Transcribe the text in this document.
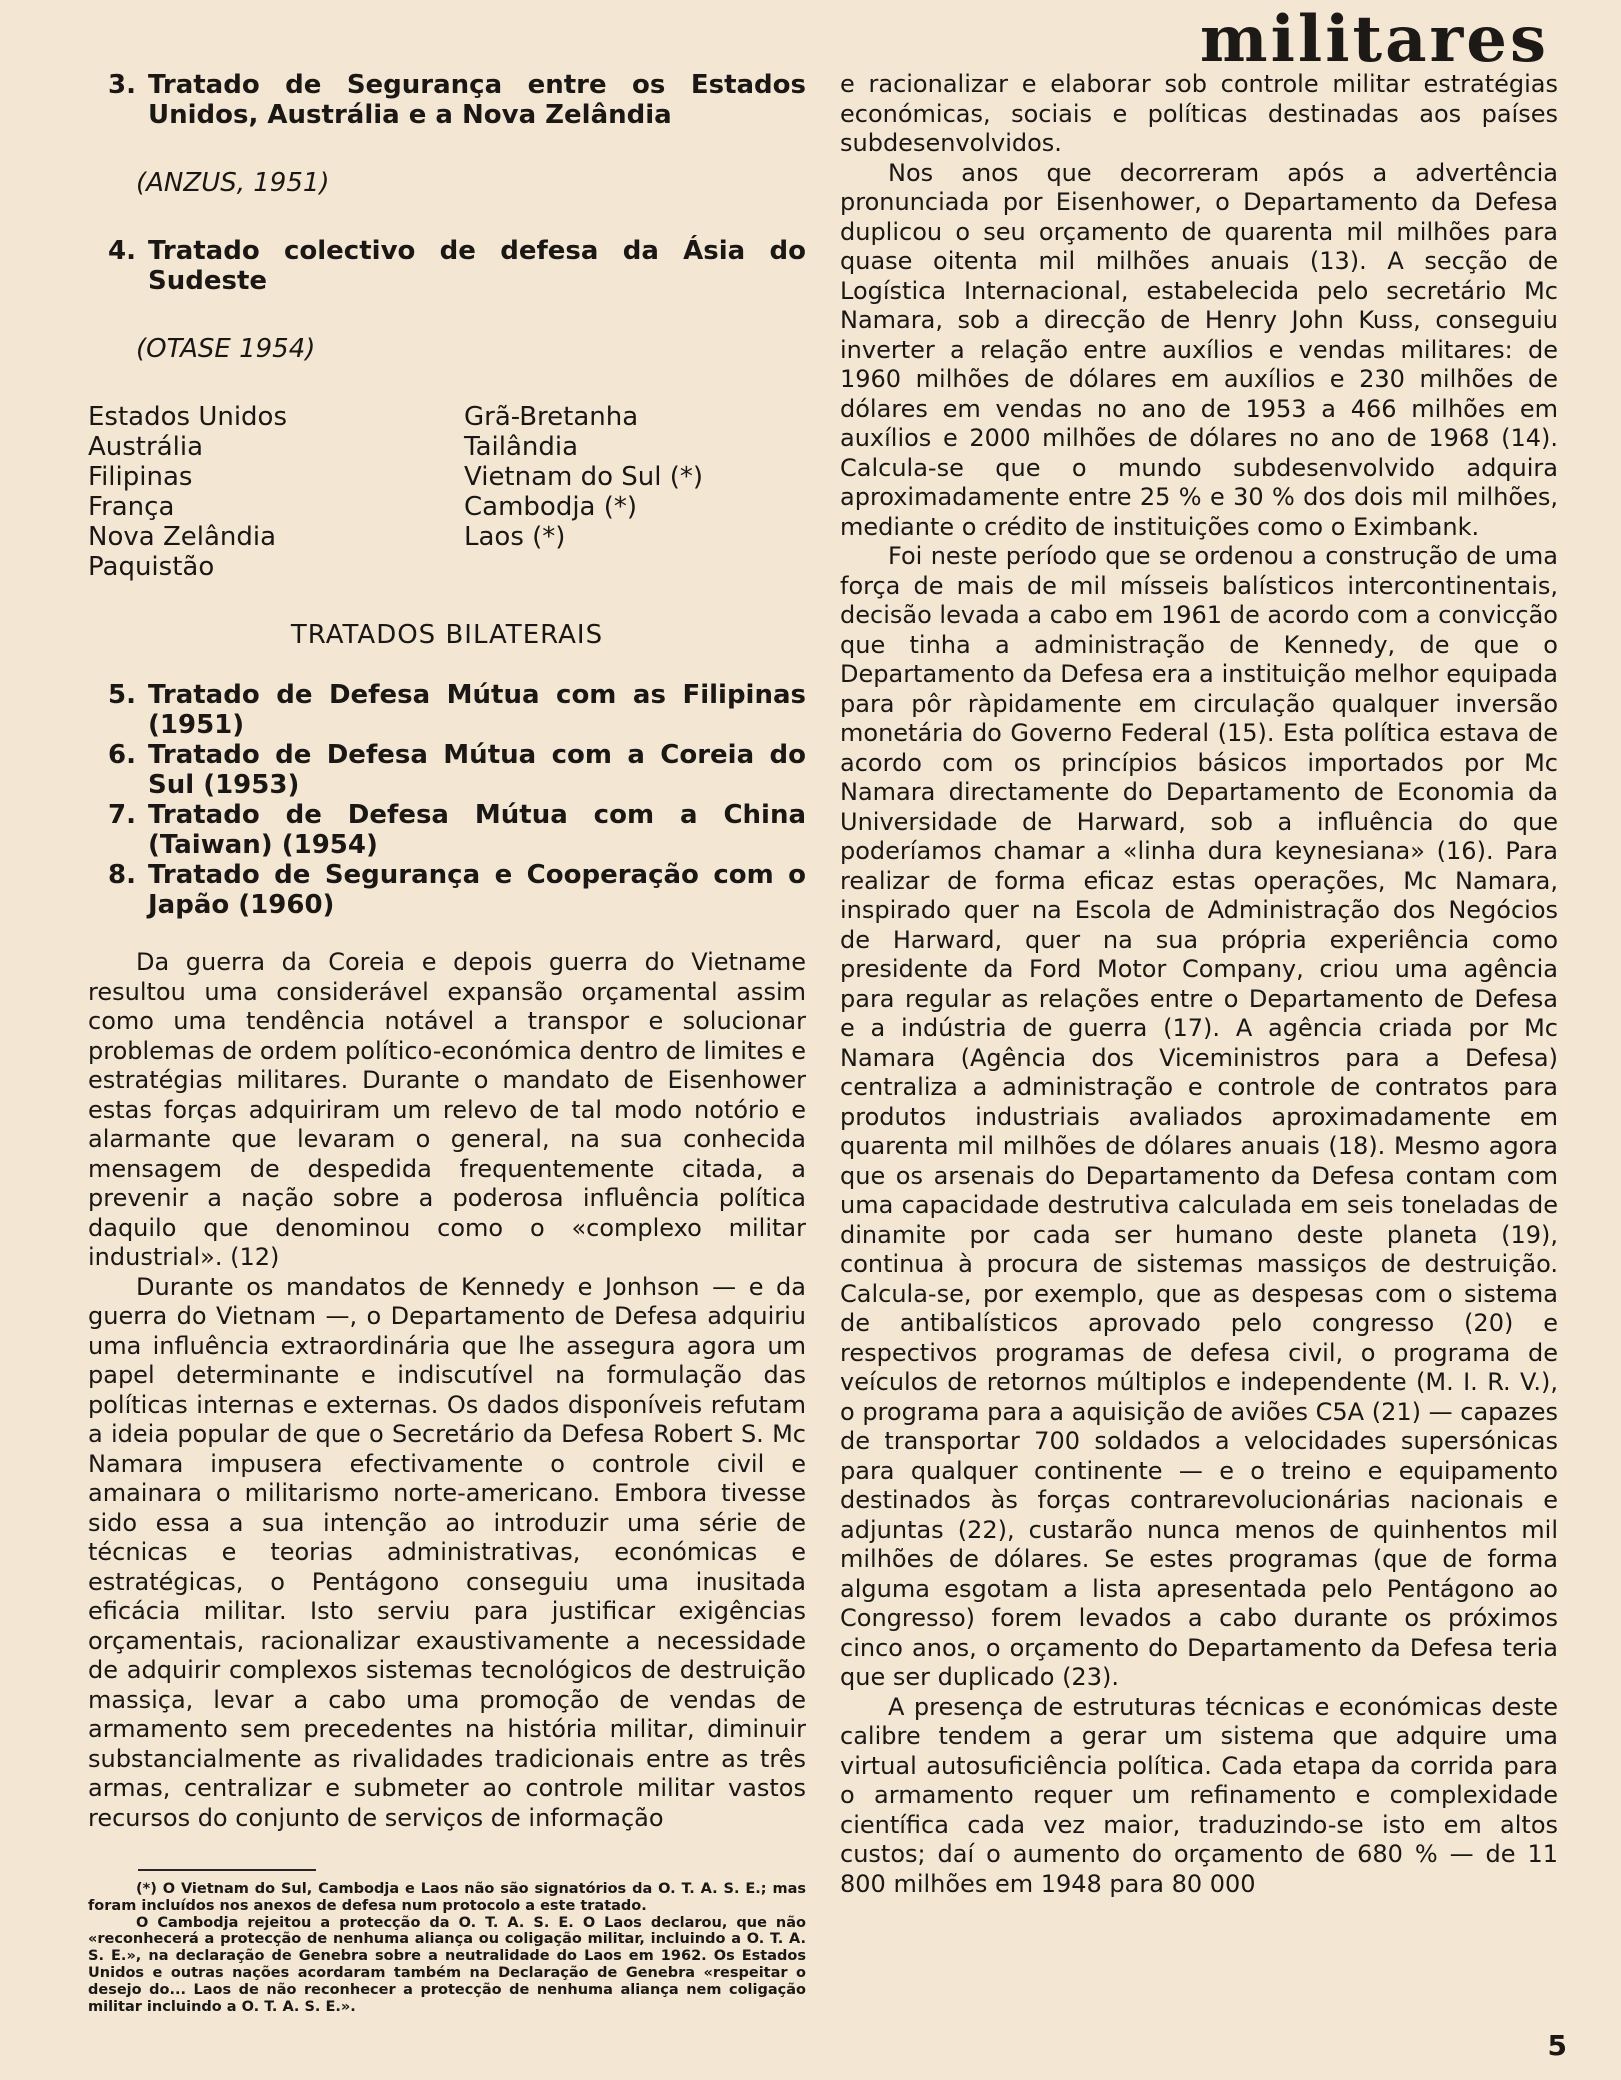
militares
3. Tratado de Segurança entre os Estados Unidos, Austrália e a Nova Zelândia
(ANZUS, 1951)
4. Tratado colectivo de defesa da Ásia do Sudeste
(OTASE 1954)
Estados Unidos
Austrália
Filipinas
França
Nova Zelândia
Paquistão
Grã-Bretanha
Tailândia
Vietnam do Sul (*)
Cambodja (*)
Laos (*)
TRATADOS BILATERAIS
5. Tratado de Defesa Mútua com as Filipinas (1951)
6. Tratado de Defesa Mútua com a Coreia do Sul (1953)
7. Tratado de Defesa Mútua com a China (Taiwan) (1954)
8. Tratado de Segurança e Cooperação com o Japão (1960)

Da guerra da Coreia e depois guerra do Vietname resultou uma considerável expansão orçamental assim como uma tendência notável a transpor e solucionar problemas de ordem político-económica dentro de limites e estratégias militares. Durante o mandato de Eisenhower estas forças adquiriram um relevo de tal modo notório e alarmante que levaram o general, na sua conhecida mensagem de despedida frequentemente citada, a prevenir a nação sobre a poderosa influência política daquilo que denominou como o «complexo militar industrial». (12)

Durante os mandatos de Kennedy e Jonhson — e da guerra do Vietnam —, o Departamento de Defesa adquiriu uma influência extraordinária que lhe assegura agora um papel determinante e indiscutível na formulação das políticas internas e externas. Os dados disponíveis refutam a ideia popular de que o Secretário da Defesa Robert S. Mc Namara impusera efectivamente o controle civil e amainara o militarismo norte-americano. Embora tivesse sido essa a sua intenção ao introduzir uma série de técnicas e teorias administrativas, económicas e estratégicas, o Pentágono conseguiu uma inusitada eficácia militar. Isto serviu para justificar exigências orçamentais, racionalizar exaustivamente a necessidade de adquirir complexos sistemas tecnológicos de destruição massiça, levar a cabo uma promoção de vendas de armamento sem precedentes na história militar, diminuir substancialmente as rivalidades tradicionais entre as três armas, centralizar e submeter ao controle militar vastos recursos do conjunto de serviços de informação

(*) O Vietnam do Sul, Cambodja e Laos não são signatórios da O. T. A. S. E.; mas foram incluídos nos anexos de defesa num protocolo a este tratado.

O Cambodja rejeitou a protecção da O. T. A. S. E. O Laos declarou, que não «reconhecerá a protecção de nenhuma aliança ou coligação militar, incluindo a O. T. A. S. E.», na declaração de Genebra sobre a neutralidade do Laos em 1962. Os Estados Unidos e outras nações acordaram também na Declaração de Genebra «respeitar o desejo do... Laos de não reconhecer a protecção de nenhuma aliança nem coligação militar incluindo a O. T. A. S. E.».

e racionalizar e elaborar sob controle militar estratégias económicas, sociais e políticas destinadas aos países subdesenvolvidos.

Nos anos que decorreram após a advertência pronunciada por Eisenhower, o Departamento da Defesa duplicou o seu orçamento de quarenta mil milhões para quase oitenta mil milhões anuais (13). A secção de Logística Internacional, estabelecida pelo secretário Mc Namara, sob a direcção de Henry John Kuss, conseguiu inverter a relação entre auxílios e vendas militares: de 1960 milhões de dólares em auxílios e 230 milhões de dólares em vendas no ano de 1953 a 466 milhões em auxílios e 2000 milhões de dólares no ano de 1968 (14). Calcula-se que o mundo subdesenvolvido adquira aproximadamente entre 25 % e 30 % dos dois mil milhões, mediante o crédito de instituições como o Eximbank.

Foi neste período que se ordenou a construção de uma força de mais de mil mísseis balísticos intercontinentais, decisão levada a cabo em 1961 de acordo com a convicção que tinha a administração de Kennedy, de que o Departamento da Defesa era a instituição melhor equipada para pôr ràpidamente em circulação qualquer inversão monetária do Governo Federal (15). Esta política estava de acordo com os princípios básicos importados por Mc Namara directamente do Departamento de Economia da Universidade de Harward, sob a influência do que poderíamos chamar a «linha dura keynesiana» (16). Para realizar de forma eficaz estas operações, Mc Namara, inspirado quer na Escola de Administração dos Negócios de Harward, quer na sua própria experiência como presidente da Ford Motor Company, criou uma agência para regular as relações entre o Departamento de Defesa e a indústria de guerra (17). A agência criada por Mc Namara (Agência dos Viceministros para a Defesa) centraliza a administração e controle de contratos para produtos industriais avaliados aproximadamente em quarenta mil milhões de dólares anuais (18). Mesmo agora que os arsenais do Departamento da Defesa contam com uma capacidade destrutiva calculada em seis toneladas de dinamite por cada ser humano deste planeta (19), continua à procura de sistemas massiços de destruição. Calcula-se, por exemplo, que as despesas com o sistema de antibalísticos aprovado pelo congresso (20) e respectivos programas de defesa civil, o programa de veículos de retornos múltiplos e independente (M. I. R. V.), o programa para a aquisição de aviões C5A (21) — capazes de transportar 700 soldados a velocidades supersónicas para qualquer continente — e o treino e equipamento destinados às forças contrarevolucionárias nacionais e adjuntas (22), custarão nunca menos de quinhentos mil milhões de dólares. Se estes programas (que de forma alguma esgotam a lista apresentada pelo Pentágono ao Congresso) forem levados a cabo durante os próximos cinco anos, o orçamento do Departamento da Defesa teria que ser duplicado (23).

A presença de estruturas técnicas e económicas deste calibre tendem a gerar um sistema que adquire uma virtual autosuficiência política. Cada etapa da corrida para o armamento requer um refinamento e complexidade científica cada vez maior, traduzindo-se isto em altos custos; daí o aumento do orçamento de 680 % — de 11 800 milhões em 1948 para 80 000

5
